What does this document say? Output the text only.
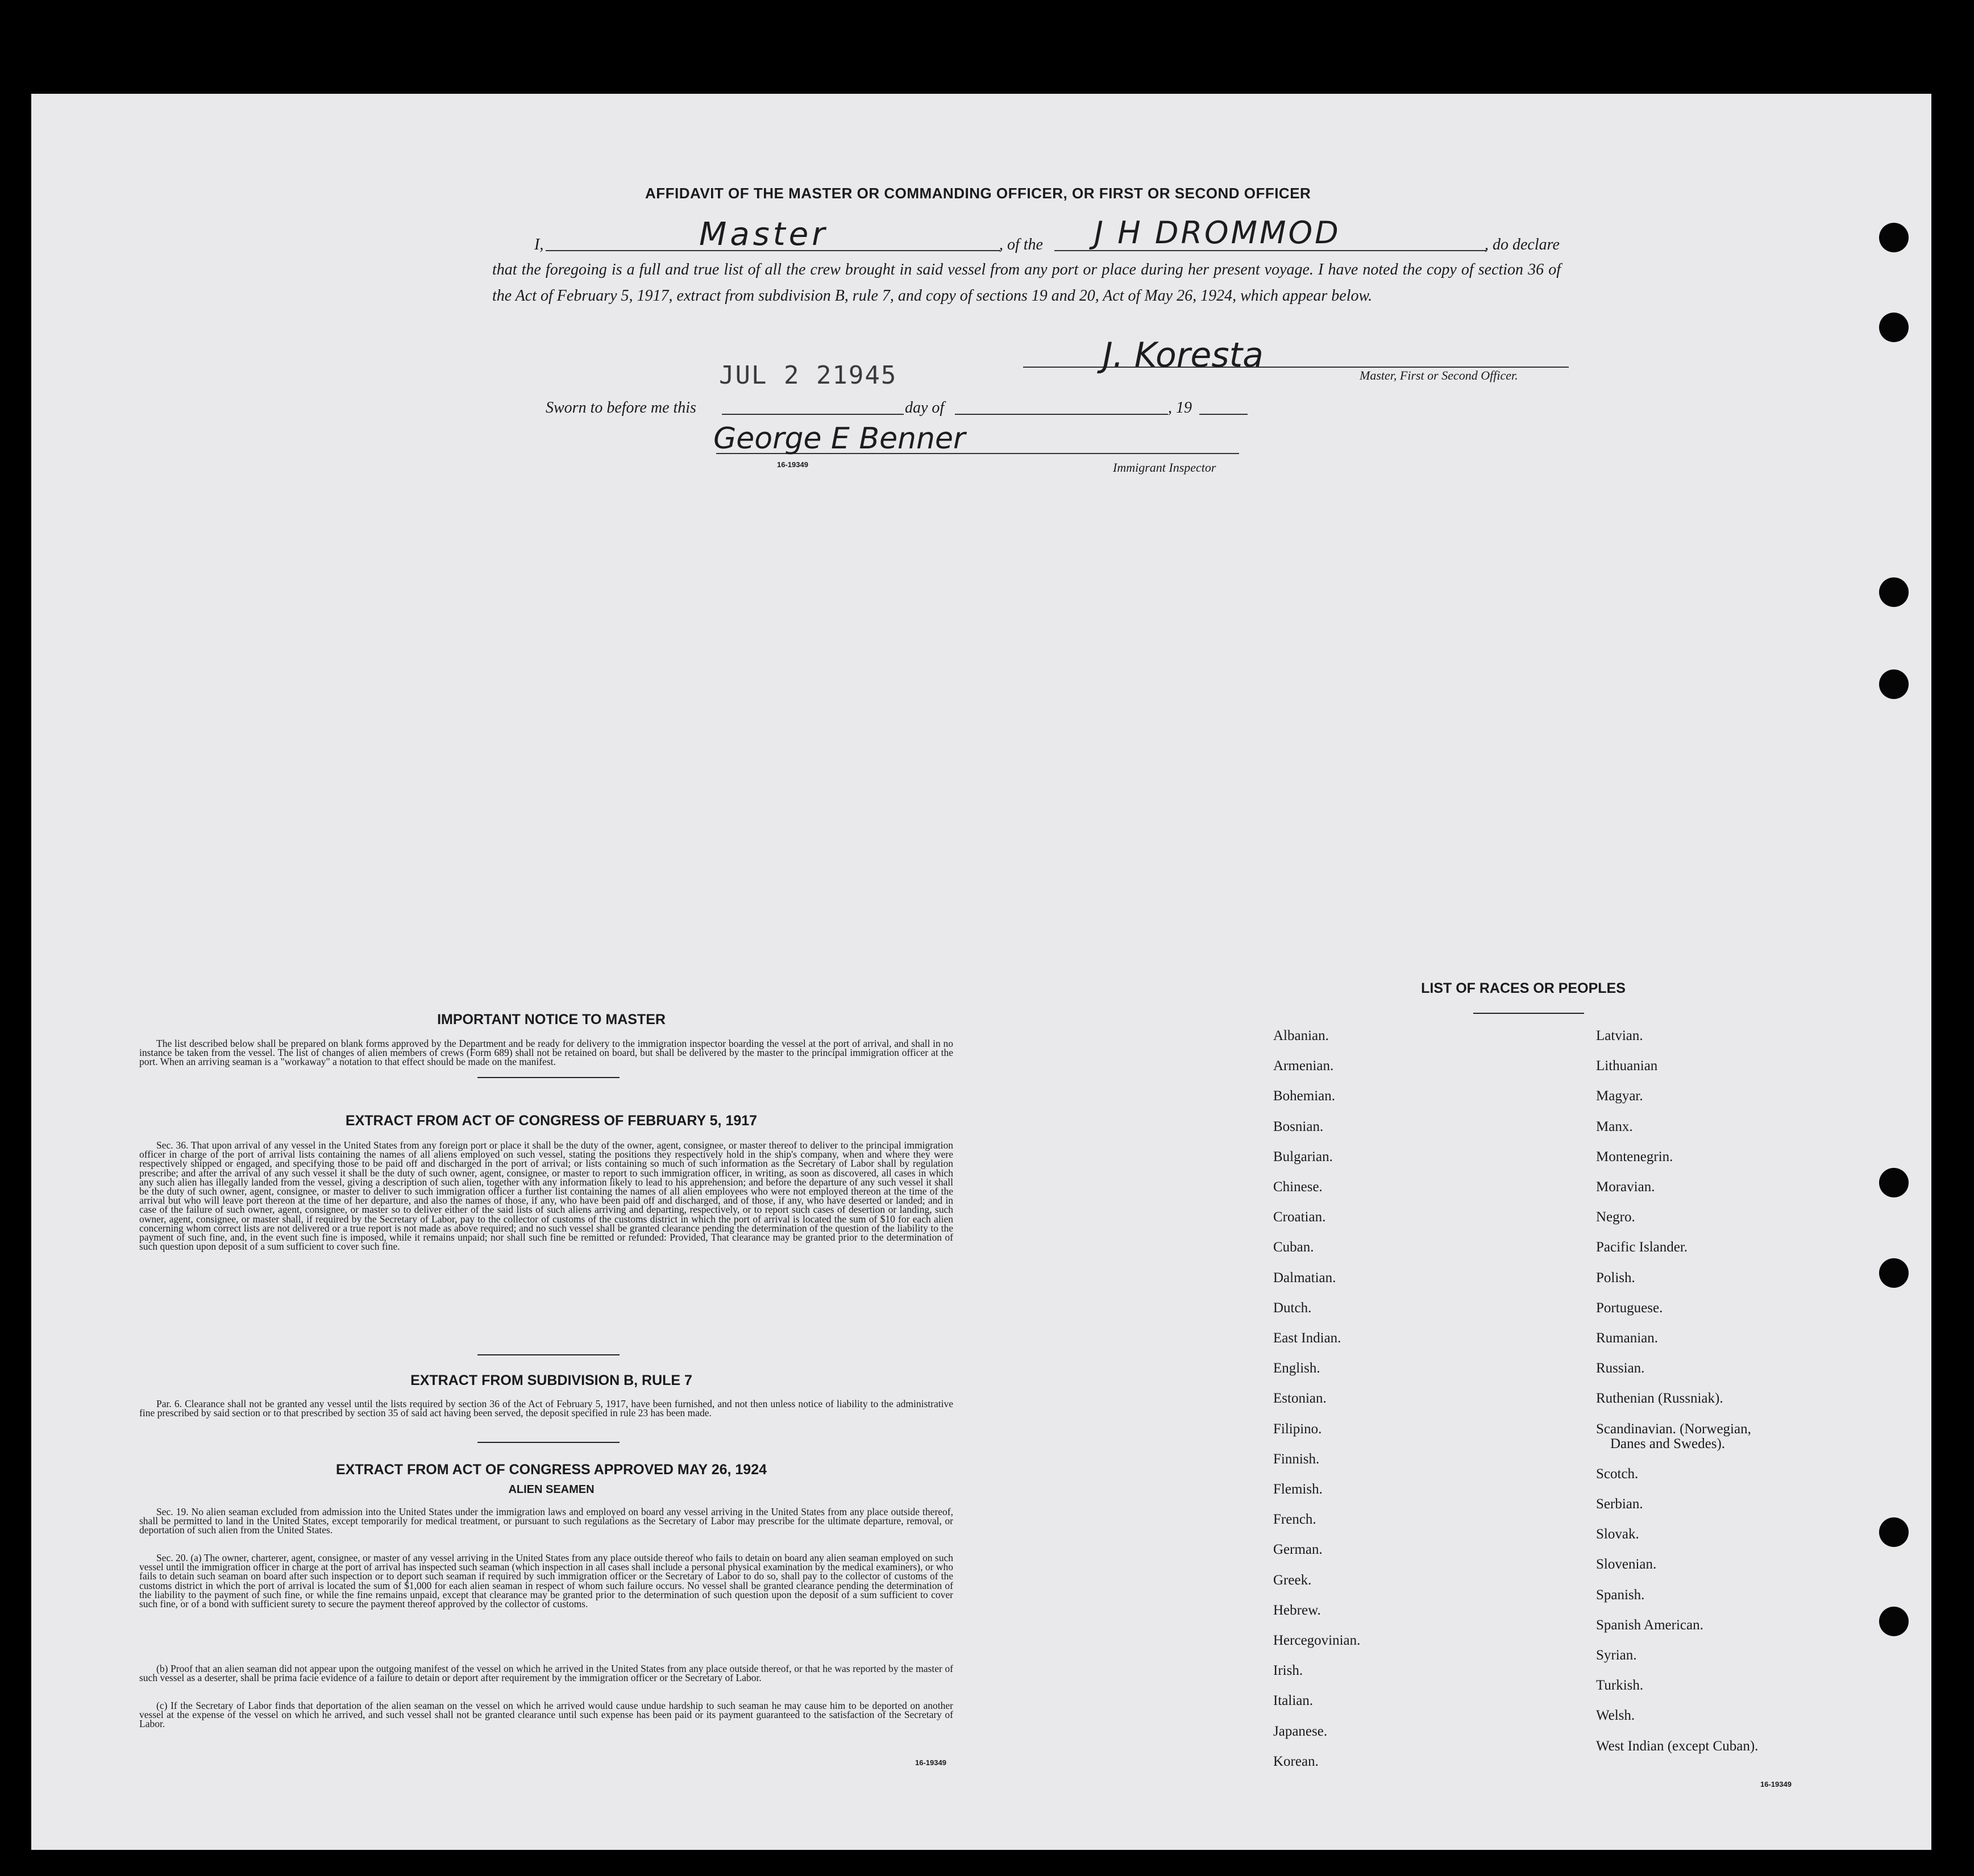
AFFIDAVIT OF THE MASTER OR COMMANDING OFFICER, OR FIRST OR SECOND OFFICER
I,	Master	, of the J H DROMMOD	, do declare
that the foregoing is a full and true list of all the crew brought in said vessel from any port or place during her present voyage. I have noted the copy of section 36 of the Act of February 5, 1917, extract from subdivision B, rule 7, and copy of sections 19 and 20, Act of May 26, 1924, which appear below.
JUL 2 21945
J. Koresta
Master, First or Second Officer.
Sworn to before me this	day of	, 19
George E Benner
16-19349	Immigrant Inspector
IMPORTANT NOTICE TO MASTER
The list described below shall be prepared on blank forms approved by the Department and be ready for delivery to the immigration inspector boarding the vessel at the port of arrival, and shall in no instance be taken from the vessel. The list of changes of alien members of crews (Form 689) shall not be retained on board, but shall be delivered by the master to the principal immigration officer at the port. When an arriving seaman is a "workaway" a notation to that effect should be made on the manifest.
EXTRACT FROM ACT OF CONGRESS OF FEBRUARY 5, 1917
Sec. 36. That upon arrival of any vessel in the United States from any foreign port or place it shall be the duty of the owner, agent, consignee, or master thereof to deliver to the principal immigration officer in charge of the port of arrival lists containing the names of all aliens employed on such vessel, stating the positions they respectively hold in the ship's company, when and where they were respectively shipped or engaged, and specifying those to be paid off and discharged in the port of arrival; or lists containing so much of such information as the Secretary of Labor shall by regulation prescribe; and after the arrival of any such vessel it shall be the duty of such owner, agent, consignee, or master to report to such immigration officer, in writing, as soon as discovered, all cases in which any such alien has illegally landed from the vessel, giving a description of such alien, together with any information likely to lead to his apprehension; and before the departure of any such vessel it shall be the duty of such owner, agent, consignee, or master to deliver to such immigration officer a further list containing the names of all alien employees who were not employed thereon at the time of the arrival but who will leave port thereon at the time of her departure, and also the names of those, if any, who have been paid off and discharged, and of those, if any, who have deserted or landed; and in case of the failure of such owner, agent, consignee, or master so to deliver either of the said lists of such aliens arriving and departing, respectively, or to report such cases of desertion or landing, such owner, agent, consignee, or master shall, if required by the Secretary of Labor, pay to the collector of customs of the customs district in which the port of arrival is located the sum of $10 for each alien concerning whom correct lists are not delivered or a true report is not made as above required; and no such vessel shall be granted clearance pending the determination of the question of the liability to the payment of such fine, and, in the event such fine is imposed, while it remains unpaid; nor shall such fine be remitted or refunded: Provided, That clearance may be granted prior to the determination of such question upon deposit of a sum sufficient to cover such fine.
EXTRACT FROM SUBDIVISION B, RULE 7
Par. 6. Clearance shall not be granted any vessel until the lists required by section 36 of the Act of February 5, 1917, have been furnished, and not then unless notice of liability to the administrative fine prescribed by said section or to that prescribed by section 35 of said act having been served, the deposit specified in rule 23 has been made.
EXTRACT FROM ACT OF CONGRESS APPROVED MAY 26, 1924
ALIEN SEAMEN
Sec. 19. No alien seaman excluded from admission into the United States under the immigration laws and employed on board any vessel arriving in the United States from any place outside thereof, shall be permitted to land in the United States, except temporarily for medical treatment, or pursuant to such regulations as the Secretary of Labor may prescribe for the ultimate departure, removal, or deportation of such alien from the United States.
Sec. 20. (a) The owner, charterer, agent, consignee, or master of any vessel arriving in the United States from any place outside thereof who fails to detain on board any alien seaman employed on such vessel until the immigration officer in charge at the port of arrival has inspected such seaman (which inspection in all cases shall include a personal physical examination by the medical examiners), or who fails to detain such seaman on board after such inspection or to deport such seaman if required by such immigration officer or the Secretary of Labor to do so, shall pay to the collector of customs of the customs district in which the port of arrival is located the sum of $1,000 for each alien seaman in respect of whom such failure occurs. No vessel shall be granted clearance pending the determination of the liability to the payment of such fine, or while the fine remains unpaid, except that clearance may be granted prior to the determination of such question upon the deposit of a sum sufficient to cover such fine, or of a bond with sufficient surety to secure the payment thereof approved by the collector of customs.
(b) Proof that an alien seaman did not appear upon the outgoing manifest of the vessel on which he arrived in the United States from any place outside thereof, or that he was reported by the master of such vessel as a deserter, shall be prima facie evidence of a failure to detain or deport after requirement by the immigration officer or the Secretary of Labor.
(c) If the Secretary of Labor finds that deportation of the alien seaman on the vessel on which he arrived would cause undue hardship to such seaman he may cause him to be deported on another vessel at the expense of the vessel on which he arrived, and such vessel shall not be granted clearance until such expense has been paid or its payment guaranteed to the satisfaction of the Secretary of Labor.
16-19349
LIST OF RACES OR PEOPLES
Albanian.
Armenian.
Bohemian.
Bosnian.
Bulgarian.
Chinese.
Croatian.
Cuban.
Dalmatian.
Dutch.
East Indian.
English.
Estonian.
Filipino.
Finnish.
Flemish.
French.
German.
Greek.
Hebrew.
Hercegovinian.
Irish.
Italian.
Japanese.
Korean.
Latvian.
Lithuanian
Magyar.
Manx.
Montenegrin.
Moravian.
Negro.
Pacific Islander.
Polish.
Portuguese.
Rumanian.
Russian.
Ruthenian (Russniak).
Scandinavian. (Norwegian,
Danes and Swedes).
Scotch.
Serbian.
Slovak.
Slovenian.
Spanish.
Spanish American.
Syrian.
Turkish.
Welsh.
West Indian (except Cuban).
16-19349
